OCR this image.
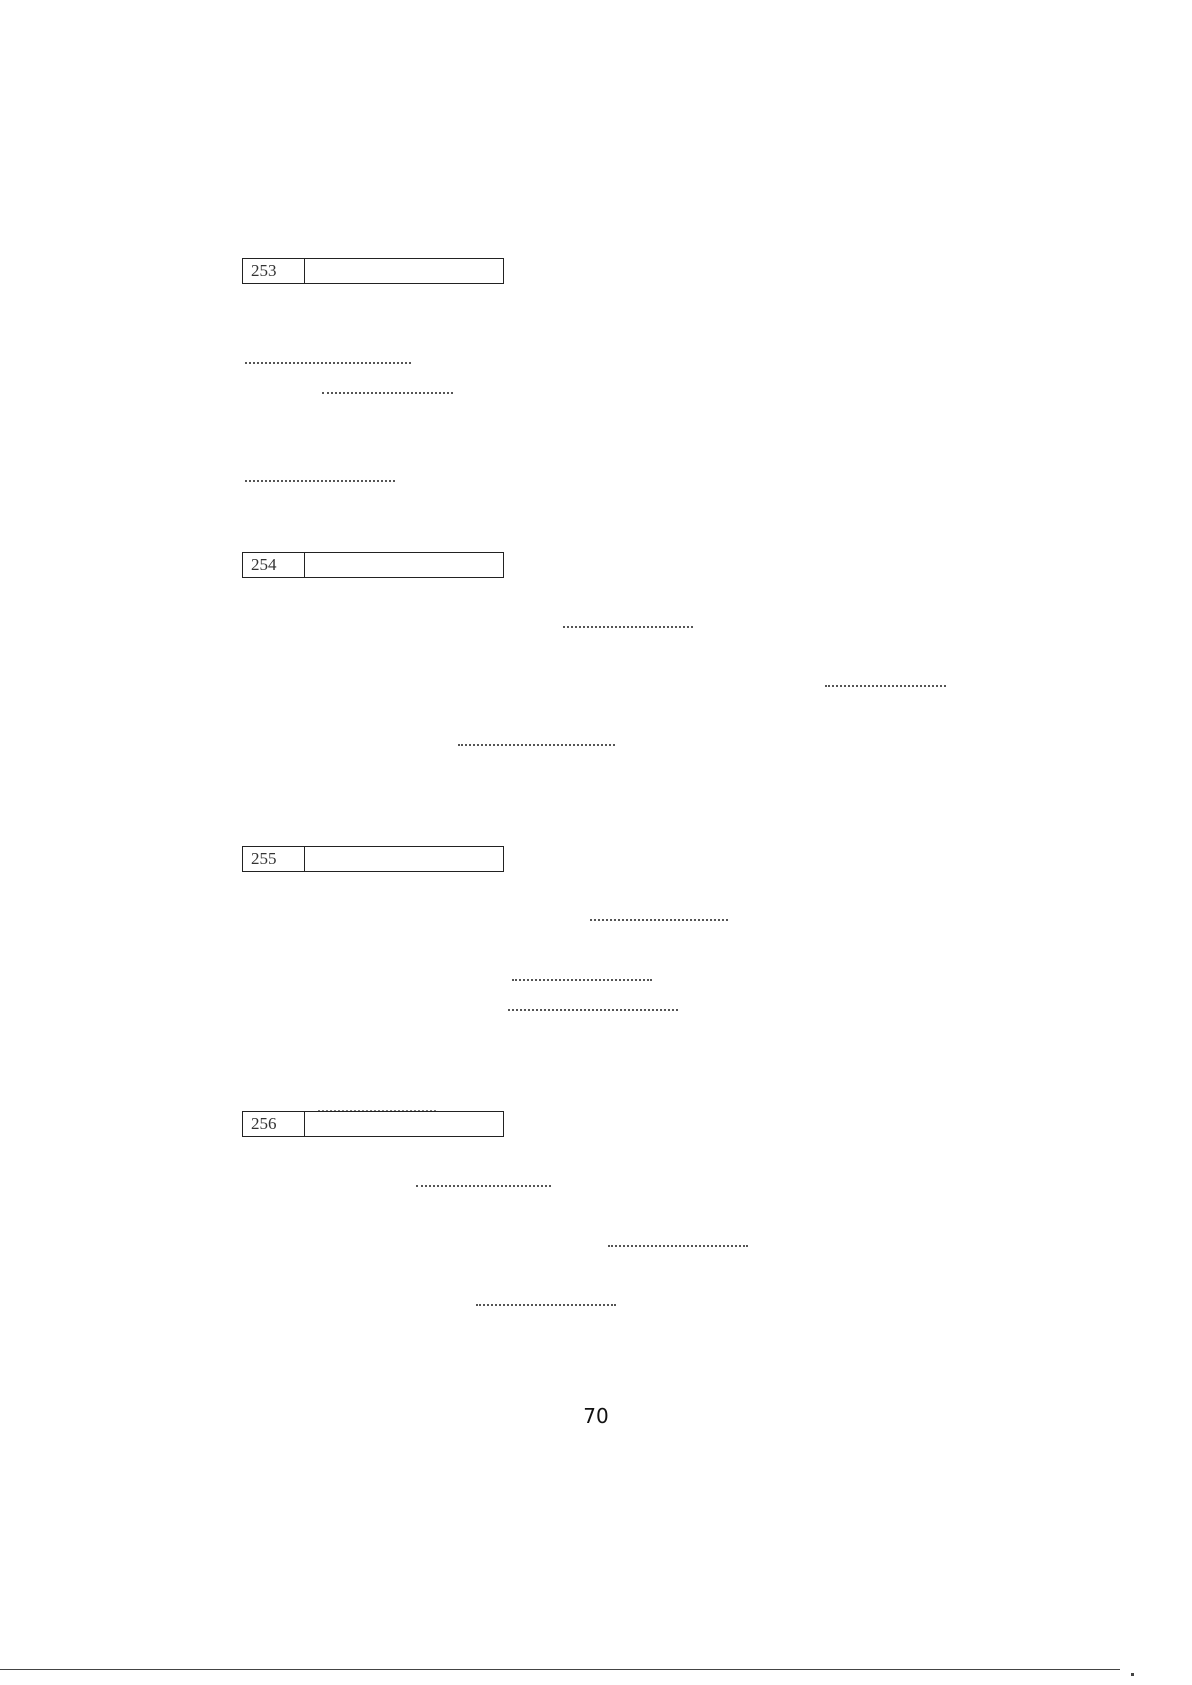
253
254
255
256
70
